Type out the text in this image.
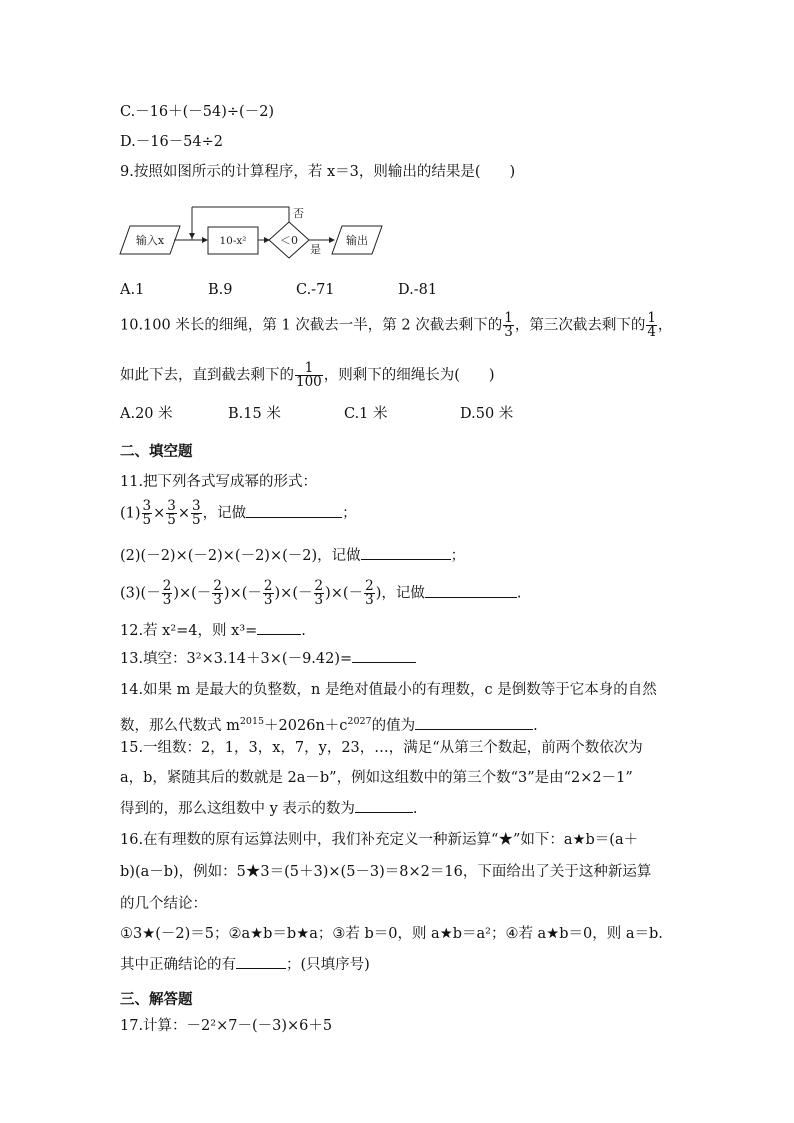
C.－16＋(－54)÷(－2)
D.－16－54÷2
9.按照如图所示的计算程序，若 x＝3，则输出的结果是(　　)
输入x	10-x²	＜0
否
是
输出
A.1	B.9	C.-71	D.-81
10.100 米长的细绳，第 1 次截去一半，第 2 次截去剩下的 $\frac{1}{3}$ ，第三次截去剩下的 $\frac{1}{4}$ ，
如此下去，直到截去剩下的 $\frac{1}{100}$ ，则剩下的细绳长为(　　)
A.20 米	B.15 米	C.1 米	D.50 米
二、填空题
11.把下列各式写成幂的形式：
$(1) \frac{3}{5} \times \frac{3}{5} \times \frac{3}{5}$ ，记做	；
(2)(－2)×(－2)×(－2)×(－2)，记做	；
$(3)(- \frac{2}{3}$ )×(－ $\frac{2}{3}$ )×(－ $\frac{2}{3}$ )×(－ $\frac{2}{3}$ )×(－ $\frac{2}{3}$ )，记做	.
12.若 x²=4，则 x³=	.
13.填空：3²×3.14＋3×(－9.42)=
14.如果 m 是最大的负整数，n 是绝对值最小的有理数，c 是倒数等于它本身的自然
数，那么代数式 $m^{2015}+2026n+c^{2027}$的值为	.
15.一组数：2，1，3，x，7，y，23，…，满足“从第三个数起，前两个数依次为
a，b，紧随其后的数就是 2a－b”，例如这组数中的第三个数“3”是由“2×2－1”
得到的，那么这组数中 y 表示的数为	.
16.在有理数的原有运算法则中，我们补充定义一种新运算“★”如下：a★b＝(a＋
b)(a－b)，例如：5★3＝(5＋3)×(5－3)＝8×2＝16，下面给出了关于这种新运算
的几个结论：
①3★(－2)＝5；②a★b＝b★a；③若 b＝0，则 a★b＝a²；④若 a★b＝0，则 a＝b.
其中正确结论的有	；(只填序号)
三、解答题
17.计算：－2²×7－(－3)×6＋5
